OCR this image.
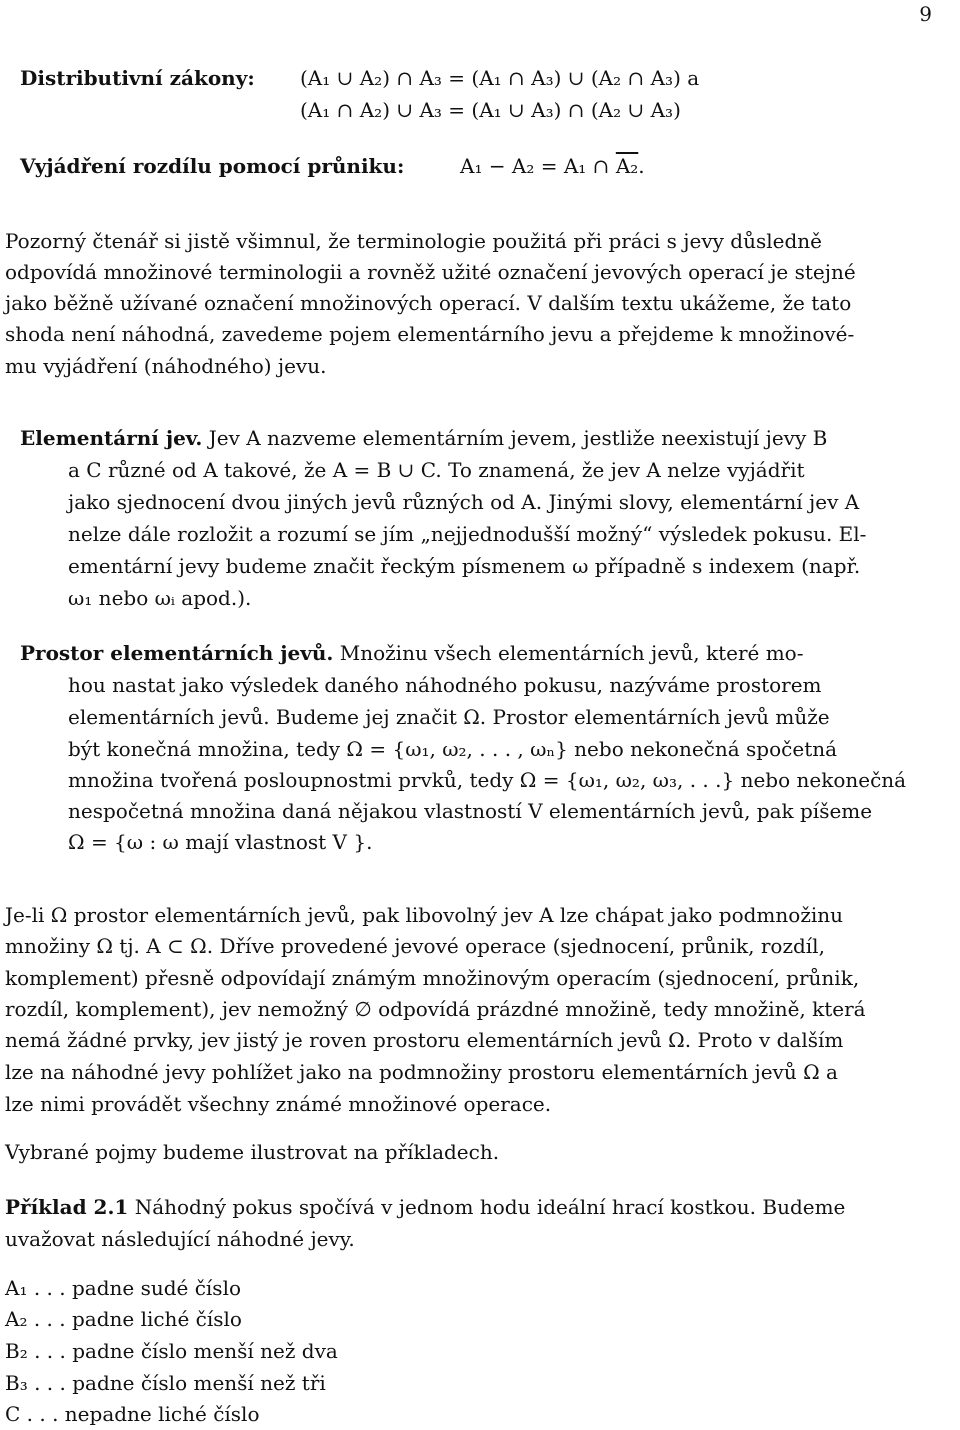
9
Distributivní zákony: (A₁ ∪ A₂) ∩ A₃ = (A₁ ∩ A₃) ∪ (A₂ ∩ A₃) a
(A₁ ∩ A₂) ∪ A₃ = (A₁ ∪ A₃) ∩ (A₂ ∪ A₃)
Vyjádření rozdílu pomocí průniku:	A₁ − A₂ = A₁ ∩ A₂.
Pozorný čtenář si jistě všimnul, že terminologie použitá při práci s jevy důsledně
odpovídá množinové terminologii a rovněž užité označení jevových operací je stejné
jako běžně užívané označení množinových operací. V dalším textu ukážeme, že tato
shoda není náhodná, zavedeme pojem elementárního jevu a přejdeme k množinové-
mu vyjádření (náhodného) jevu.
Elementární jev. Jev A nazveme elementárním jevem, jestliže neexistují jevy B
a C různé od A takové, že A = B ∪ C. To znamená, že jev A nelze vyjádřit
jako sjednocení dvou jiných jevů různých od A. Jinými slovy, elementární jev A
nelze dále rozložit a rozumí se jím „nejjednodušší možný“ výsledek pokusu. El-
ementární jevy budeme značit řeckým písmenem ω případně s indexem (např.
ω₁ nebo ωᵢ apod.).
Prostor elementárních jevů. Množinu všech elementárních jevů, které mo-
hou nastat jako výsledek daného náhodného pokusu, nazýváme prostorem
elementárních jevů. Budeme jej značit Ω. Prostor elementárních jevů může
být konečná množina, tedy Ω = {ω₁, ω₂, . . . , ωₙ} nebo nekonečná spočetná
množina tvořená posloupnostmi prvků, tedy Ω = {ω₁, ω₂, ω₃, . . .} nebo nekonečná
nespočetná množina daná nějakou vlastností V elementárních jevů, pak píšeme
Ω = {ω : ω mají vlastnost V }.
Je-li Ω prostor elementárních jevů, pak libovolný jev A lze chápat jako podmnožinu
množiny Ω tj. A ⊂ Ω. Dříve provedené jevové operace (sjednocení, průnik, rozdíl,
komplement) přesně odpovídají známým množinovým operacím (sjednocení, průnik,
rozdíl, komplement), jev nemožný ∅ odpovídá prázdné množině, tedy množině, která
nemá žádné prvky, jev jistý je roven prostoru elementárních jevů Ω. Proto v dalším
lze na náhodné jevy pohlížet jako na podmnožiny prostoru elementárních jevů Ω a
lze nimi provádět všechny známé množinové operace.
Vybrané pojmy budeme ilustrovat na příkladech.
Příklad 2.1 Náhodný pokus spočívá v jednom hodu ideální hrací kostkou. Budeme
uvažovat následující náhodné jevy.
A₁ . . . padne sudé číslo
A₂ . . . padne liché číslo
B₂ . . . padne číslo menší než dva
B₃ . . . padne číslo menší než tři
C . . . nepadne liché číslo
